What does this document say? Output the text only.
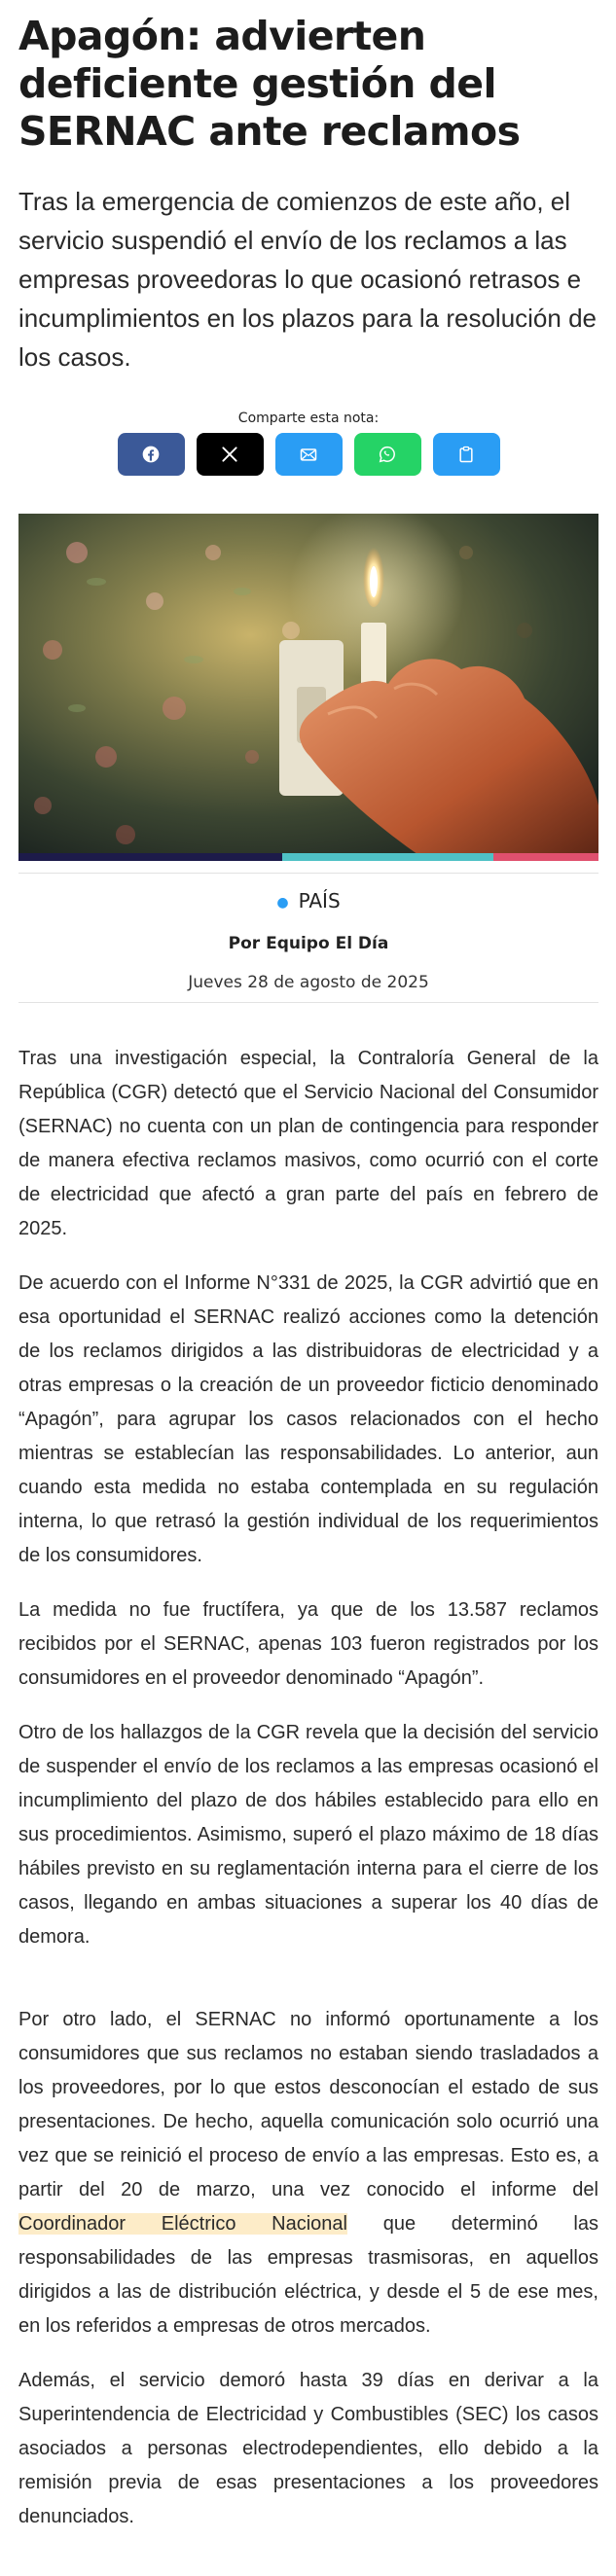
Apagón: advierten deficiente gestión del SERNAC ante reclamos

Tras la emergencia de comienzos de este año, el servicio suspendió el envío de los reclamos a las empresas proveedoras lo que ocasionó retrasos e incumplimientos en los plazos para la resolución de los casos.

Comparte esta nota:
● PAÍS
Por Equipo El Día
Jueves 28 de agosto de 2025

Tras una investigación especial, la Contraloría General de la República (CGR) detectó que el Servicio Nacional del Consumidor (SERNAC) no cuenta con un plan de contingencia para responder de manera efectiva reclamos masivos, como ocurrió con el corte de electricidad que afectó a gran parte del país en febrero de 2025.

De acuerdo con el Informe N°331 de 2025, la CGR advirtió que en esa oportunidad el SERNAC realizó acciones como la detención de los reclamos dirigidos a las distribuidoras de electricidad y a otras empresas o la creación de un proveedor ficticio denominado “Apagón”, para agrupar los casos relacionados con el hecho mientras se establecían las responsabilidades. Lo anterior, aun cuando esta medida no estaba contemplada en su regulación interna, lo que retrasó la gestión individual de los requerimientos de los consumidores.

La medida no fue fructífera, ya que de los 13.587 reclamos recibidos por el SERNAC, apenas 103 fueron registrados por los consumidores en el proveedor denominado “Apagón”.

Otro de los hallazgos de la CGR revela que la decisión del servicio de suspender el envío de los reclamos a las empresas ocasionó el incumplimiento del plazo de dos hábiles establecido para ello en sus procedimientos. Asimismo, superó el plazo máximo de 18 días hábiles previsto en su reglamentación interna para el cierre de los casos, llegando en ambas situaciones a superar los 40 días de demora.

Por otro lado, el SERNAC no informó oportunamente a los consumidores que sus reclamos no estaban siendo trasladados a los proveedores, por lo que estos desconocían el estado de sus presentaciones. De hecho, aquella comunicación solo ocurrió una vez que se reinició el proceso de envío a las empresas. Esto es, a partir del 20 de marzo, una vez conocido el informe del Coordinador Eléctrico Nacional que determinó las responsabilidades de las empresas trasmisoras, en aquellos dirigidos a las de distribución eléctrica, y desde el 5 de ese mes, en los referidos a empresas de otros mercados.

Además, el servicio demoró hasta 39 días en derivar a la Superintendencia de Electricidad y Combustibles (SEC) los casos asociados a personas electrodependientes, ello debido a la remisión previa de esas presentaciones a los proveedores denunciados.
